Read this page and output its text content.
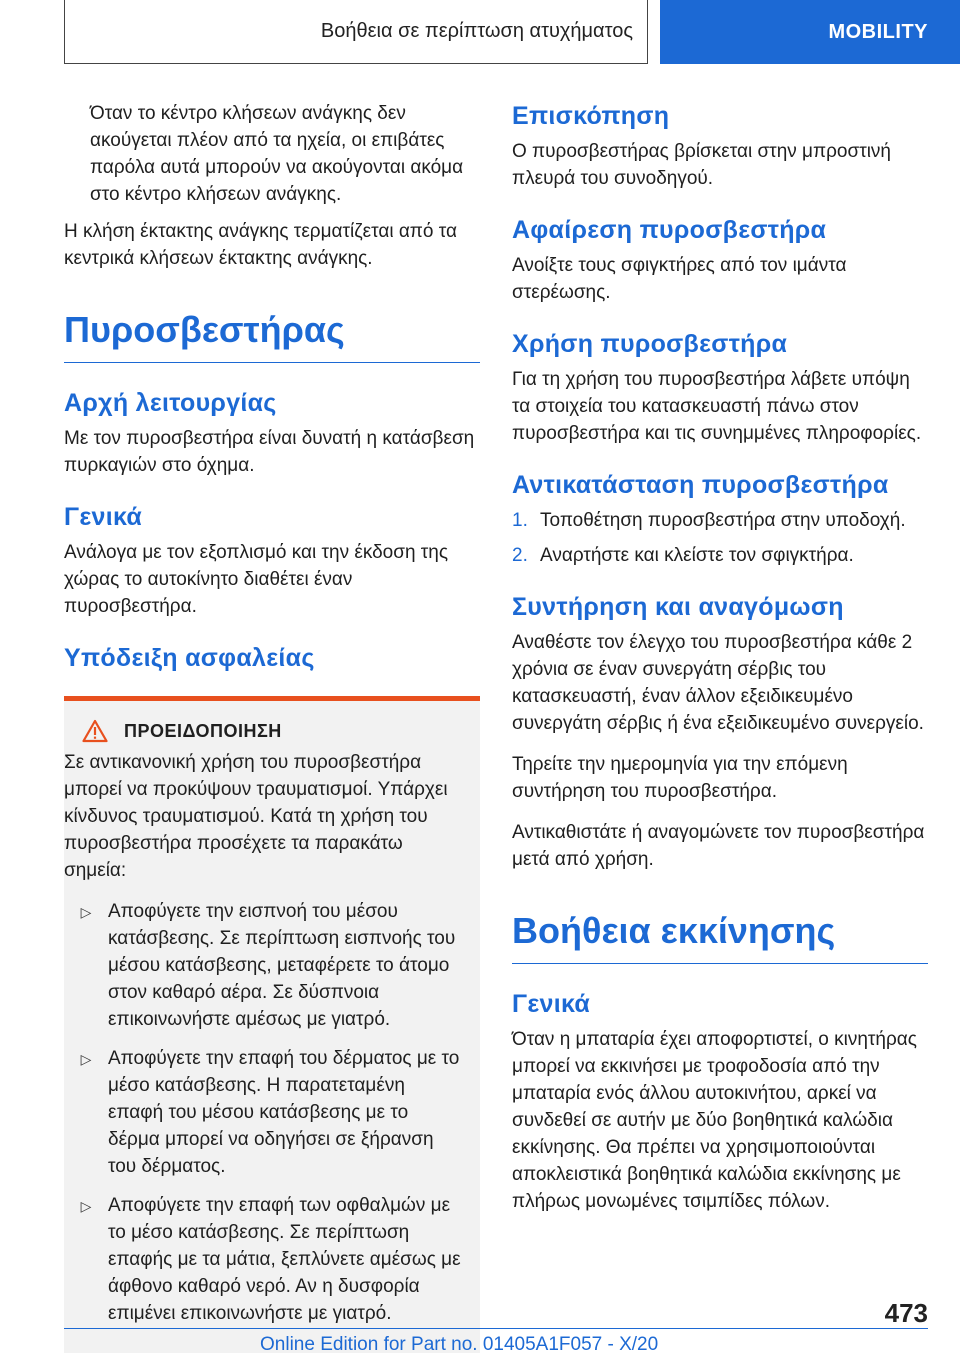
Βοήθεια σε περίπτωση ατυχήματος	MOBILITY

Όταν το κέντρο κλήσεων ανάγκης δεν ακούγεται πλέον από τα ηχεία, οι επιβάτες παρόλα αυτά μπορούν να ακούγονται ακόμα στο κέντρο κλήσεων ανάγκης.

Η κλήση έκτακτης ανάγκης τερματίζεται από τα κεντρικά κλήσεων έκτακτης ανάγκης.

Πυροσβεστήρας
Αρχή λειτουργίας

Με τον πυροσβεστήρα είναι δυνατή η κατάσβεση πυρκαγιών στο όχημα.

Γενικά

Ανάλογα με τον εξοπλισμό και την έκδοση της χώρας το αυτοκίνητο διαθέτει έναν πυροσβεστήρα.

Υπόδειξη ασφαλείας
ΠΡΟΕΙΔΟΠΟΙΗΣΗ

Σε αντικανονική χρήση του πυροσβεστήρα μπορεί να προκύψουν τραυματισμοί. Υπάρχει κίνδυνος τραυματισμού. Κατά τη χρήση του πυροσβεστήρα προσέχετε τα παρακάτω σημεία:

▷ Αποφύγετε την εισπνοή του μέσου κατάσβεσης. Σε περίπτωση εισπνοής του μέσου κατάσβεσης, μεταφέρετε το άτομο στον καθαρό αέρα. Σε δύσπνοια επικοινωνήστε αμέσως με γιατρό.
▷ Αποφύγετε την επαφή του δέρματος με το μέσο κατάσβεσης. Η παρατεταμένη επαφή του μέσου κατάσβεσης με το δέρμα μπορεί να οδηγήσει σε ξήρανση του δέρματος.
▷ Αποφύγετε την επαφή των οφθαλμών με το μέσο κατάσβεσης. Σε περίπτωση επαφής με τα μάτια, ξεπλύνετε αμέσως με άφθονο καθαρό νερό. Αν η δυσφορία επιμένει επικοινωνήστε με γιατρό.
Επισκόπηση

Ο πυροσβεστήρας βρίσκεται στην μπροστινή πλευρά του συνοδηγού.

Αφαίρεση πυροσβεστήρα

Ανοίξτε τους σφιγκτήρες από τον ιμάντα στερέωσης.

Χρήση πυροσβεστήρα

Για τη χρήση του πυροσβεστήρα λάβετε υπόψη τα στοιχεία του κατασκευαστή πάνω στον πυροσβεστήρα και τις συνημμένες πληροφορίες.

Αντικατάσταση πυροσβεστήρα
1. Τοποθέτηση πυροσβεστήρα στην υποδοχή.
2. Αναρτήστε και κλείστε τον σφιγκτήρα.
Συντήρηση και αναγόμωση

Αναθέστε τον έλεγχο του πυροσβεστήρα κάθε 2 χρόνια σε έναν συνεργάτη σέρβις του κατασκευαστή, έναν άλλον εξειδικευμένο συνεργάτη σέρβις ή ένα εξειδικευμένο συνεργείο.

Τηρείτε την ημερομηνία για την επόμενη συντήρηση του πυροσβεστήρα.

Αντικαθιστάτε ή αναγομώνετε τον πυροσβεστήρα μετά από χρήση.

Βοήθεια εκκίνησης
Γενικά

Όταν η μπαταρία έχει αποφορτιστεί, ο κινητήρας μπορεί να εκκινήσει με τροφοδοσία από την μπαταρία ενός άλλου αυτοκινήτου, αρκεί να συνδεθεί σε αυτήν με δύο βοηθητικά καλώδια εκκίνησης. Θα πρέπει να χρησιμοποιούνται αποκλειστικά βοηθητικά καλώδια εκκίνησης με πλήρως μονωμένες τσιμπίδες πόλων.

473
Online Edition for Part no. 01405A1F057 - X/20
